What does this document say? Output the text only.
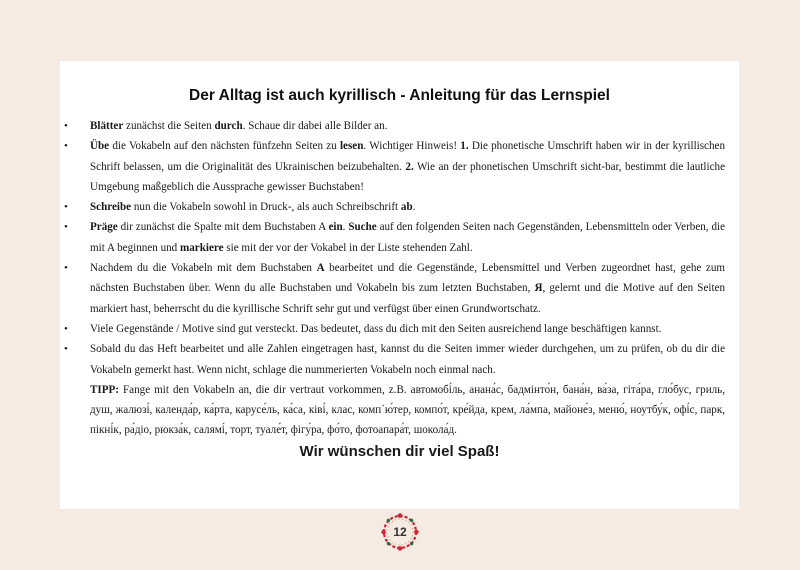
Der Alltag ist auch kyrillisch - Anleitung für das Lernspiel
• Blätter zunächst die Seiten durch. Schaue dir dabei alle Bilder an.
• Übe die Vokabeln auf den nächsten fünfzehn Seiten zu lesen. Wichtiger Hinweis! 1. Die phonetische Umschrift haben wir in der kyrillischen Schrift belassen, um die Originalität des Ukrainischen beizubehalten. 2. Wie an der phonetischen Umschrift sicht-bar, bestimmt die lautliche Umgebung maßgeblich die Aussprache gewisser Buchstaben!
• Schreibe nun die Vokabeln sowohl in Druck-, als auch Schreibschrift ab.
• Präge dir zunächst die Spalte mit dem Buchstaben A ein. Suche auf den folgenden Seiten nach Gegenständen, Lebensmitteln oder Verben, die mit A beginnen und markiere sie mit der vor der Vokabel in der Liste stehenden Zahl.
• Nachdem du die Vokabeln mit dem Buchstaben A bearbeitet und die Gegenstände, Lebensmittel und Verben zugeordnet hast, gehe zum nächsten Buchstaben über. Wenn du alle Buchstaben und Vokabeln bis zum letzten Buchstaben, Я, gelernt und die Motive auf den Seiten markiert hast, beherrscht du die kyrillische Schrift sehr gut und verfügst über einen Grundwortschatz.
• Viele Gegenstände / Motive sind gut versteckt. Das bedeutet, dass du dich mit den Seiten ausreichend lange beschäftigen kannst.
• Sobald du das Heft bearbeitet und alle Zahlen eingetragen hast, kannst du die Seiten immer wieder durchgehen, um zu prüfen, ob du dir die Vokabeln gemerkt hast. Wenn nicht, schlage die nummerierten Vokabeln noch einmal nach.
TIPP: Fange mit den Vokabeln an, die dir vertraut vorkommen, z.B. автомобі́ль, анана́с, бадмінто́н, бана́н, ва́за, гіта́ра, гло́бус, гриль, душ, жалюзі́, календа́р, ка́рта, карусе́ль, ка́са, ківі́, клас, комп´ю́тер, компо́т, кре́йда, крем, ла́мпа, майоне́з, меню́, ноутбу́к, офі́с, парк, пікні́к, ра́діо, рюкза́к, салямі́, торт, туале́т, фігу́ра, фо́то, фотоапара́т, шокола́д.
Wir wünschen dir viel Spaß!
12
